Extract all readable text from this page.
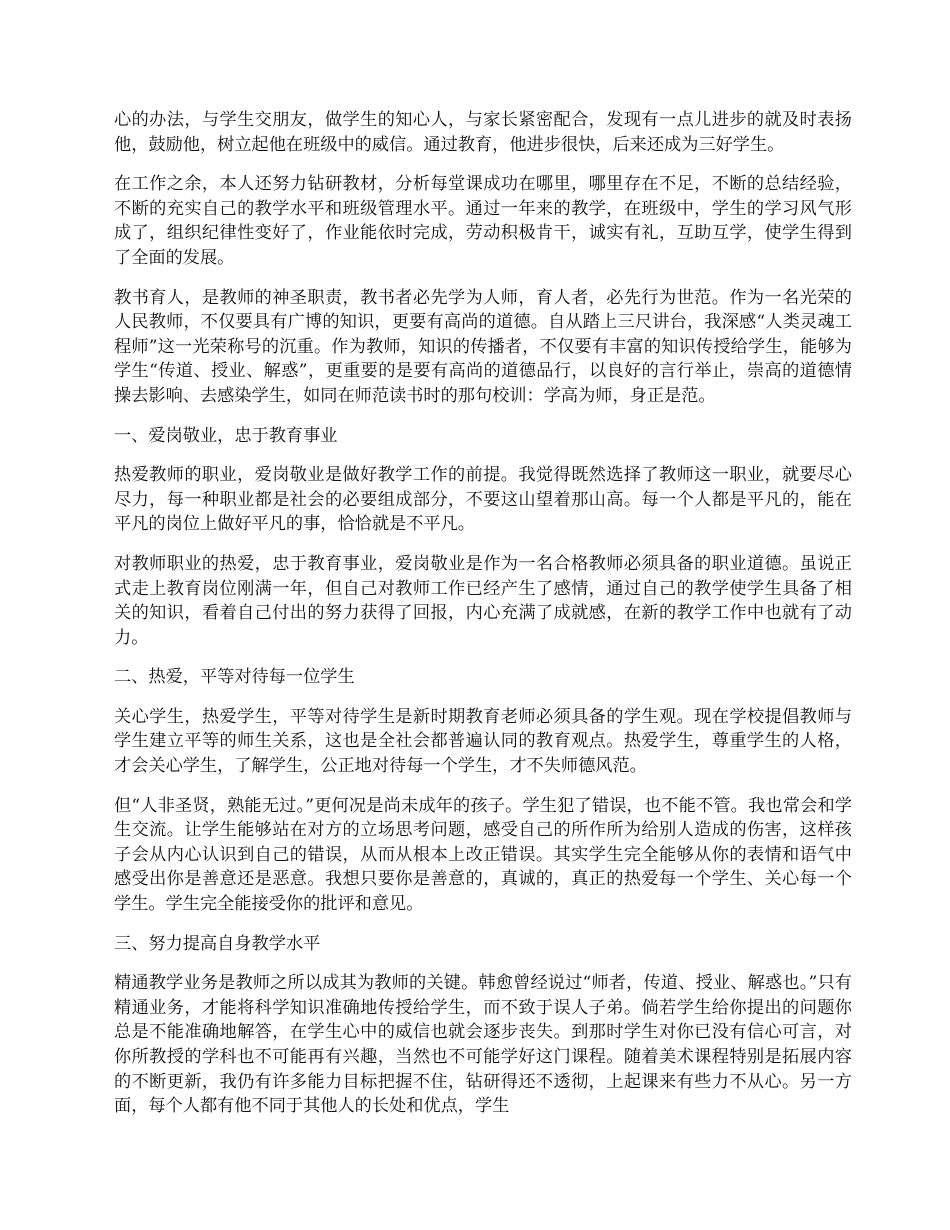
心的办法，与学生交朋友，做学生的知心人，与家长紧密配合，发现有一点儿进步的就及时表扬他，鼓励他，树立起他在班级中的威信。通过教育，他进步很快，后来还成为三好学生。

在工作之余，本人还努力钻研教材，分析每堂课成功在哪里，哪里存在不足，不断的总结经验，不断的充实自己的教学水平和班级管理水平。通过一年来的教学，在班级中，学生的学习风气形成了，组织纪律性变好了，作业能依时完成，劳动积极肯干，诚实有礼，互助互学，使学生得到了全面的发展。

教书育人，是教师的神圣职责，教书者必先学为人师，育人者，必先行为世范。作为一名光荣的人民教师，不仅要具有广博的知识，更要有高尚的道德。自从踏上三尺讲台，我深感“人类灵魂工程师”这一光荣称号的沉重。作为教师，知识的传播者，不仅要有丰富的知识传授给学生，能够为学生“传道、授业、解惑”，更重要的是要有高尚的道德品行，以良好的言行举止，崇高的道德情操去影响、去感染学生，如同在师范读书时的那句校训：学高为师，身正是范。

一、爱岗敬业，忠于教育事业

热爱教师的职业，爱岗敬业是做好教学工作的前提。我觉得既然选择了教师这一职业，就要尽心尽力，每一种职业都是社会的必要组成部分，不要这山望着那山高。每一个人都是平凡的，能在平凡的岗位上做好平凡的事，恰恰就是不平凡。

对教师职业的热爱，忠于教育事业，爱岗敬业是作为一名合格教师必须具备的职业道德。虽说正式走上教育岗位刚满一年，但自己对教师工作已经产生了感情，通过自己的教学使学生具备了相关的知识，看着自己付出的努力获得了回报，内心充满了成就感，在新的教学工作中也就有了动力。

二、热爱，平等对待每一位学生

关心学生，热爱学生，平等对待学生是新时期教育老师必须具备的学生观。现在学校提倡教师与学生建立平等的师生关系，这也是全社会都普遍认同的教育观点。热爱学生，尊重学生的人格，才会关心学生，了解学生，公正地对待每一个学生，才不失师德风范。

但“人非圣贤，熟能无过。”更何况是尚未成年的孩子。学生犯了错误，也不能不管。我也常会和学生交流。让学生能够站在对方的立场思考问题，感受自己的所作所为给别人造成的伤害，这样孩子会从内心认识到自己的错误，从而从根本上改正错误。其实学生完全能够从你的表情和语气中感受出你是善意还是恶意。我想只要你是善意的，真诚的，真正的热爱每一个学生、关心每一个学生。学生完全能接受你的批评和意见。

三、努力提高自身教学水平

精通教学业务是教师之所以成其为教师的关键。韩愈曾经说过“师者，传道、授业、解惑也。”只有精通业务，才能将科学知识准确地传授给学生，而不致于误人子弟。倘若学生给你提出的问题你总是不能准确地解答，在学生心中的威信也就会逐步丧失。到那时学生对你已没有信心可言，对你所教授的学科也不可能再有兴趣，当然也不可能学好这门课程。随着美术课程特别是拓展内容的不断更新，我仍有许多能力目标把握不住，钻研得还不透彻，上起课来有些力不从心。另一方面，每个人都有他不同于其他人的长处和优点，学生
